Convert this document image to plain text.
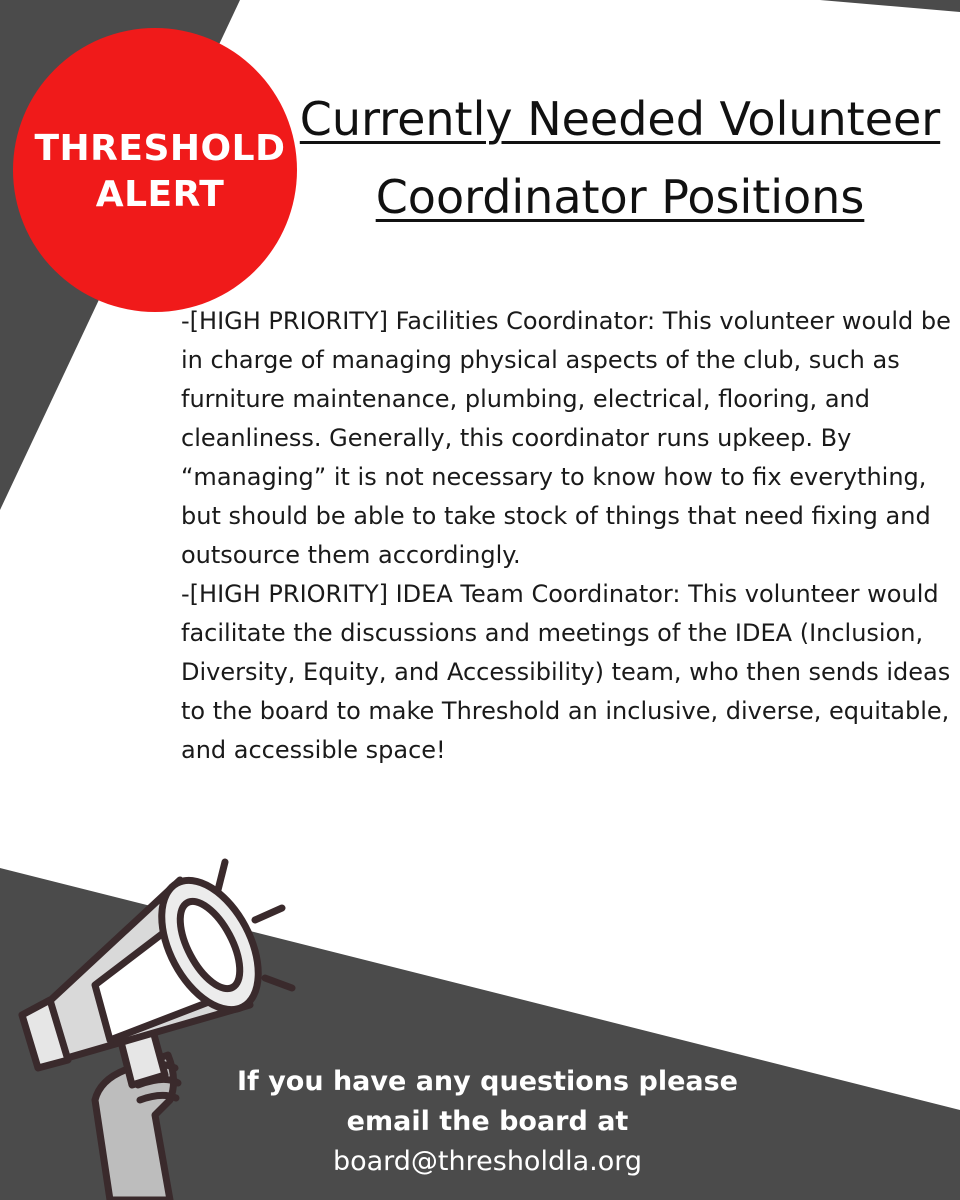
THRESHOLD
ALERT
Currently Needed Volunteer
Coordinator Positions

-[HIGH PRIORITY] Facilities Coordinator: This volunteer would be in charge of managing physical aspects of the club, such as furniture maintenance, plumbing, electrical, flooring, and cleanliness. Generally, this coordinator runs upkeep. By “managing” it is not necessary to know how to fix everything, but should be able to take stock of things that need fixing and outsource them accordingly.

-[HIGH PRIORITY] IDEA Team Coordinator: This volunteer would facilitate the discussions and meetings of the IDEA (Inclusion, Diversity, Equity, and Accessibility) team, who then sends ideas to the board to make Threshold an inclusive, diverse, equitable, and accessible space!

If you have any questions please
email the board at
board@thresholdla.org
